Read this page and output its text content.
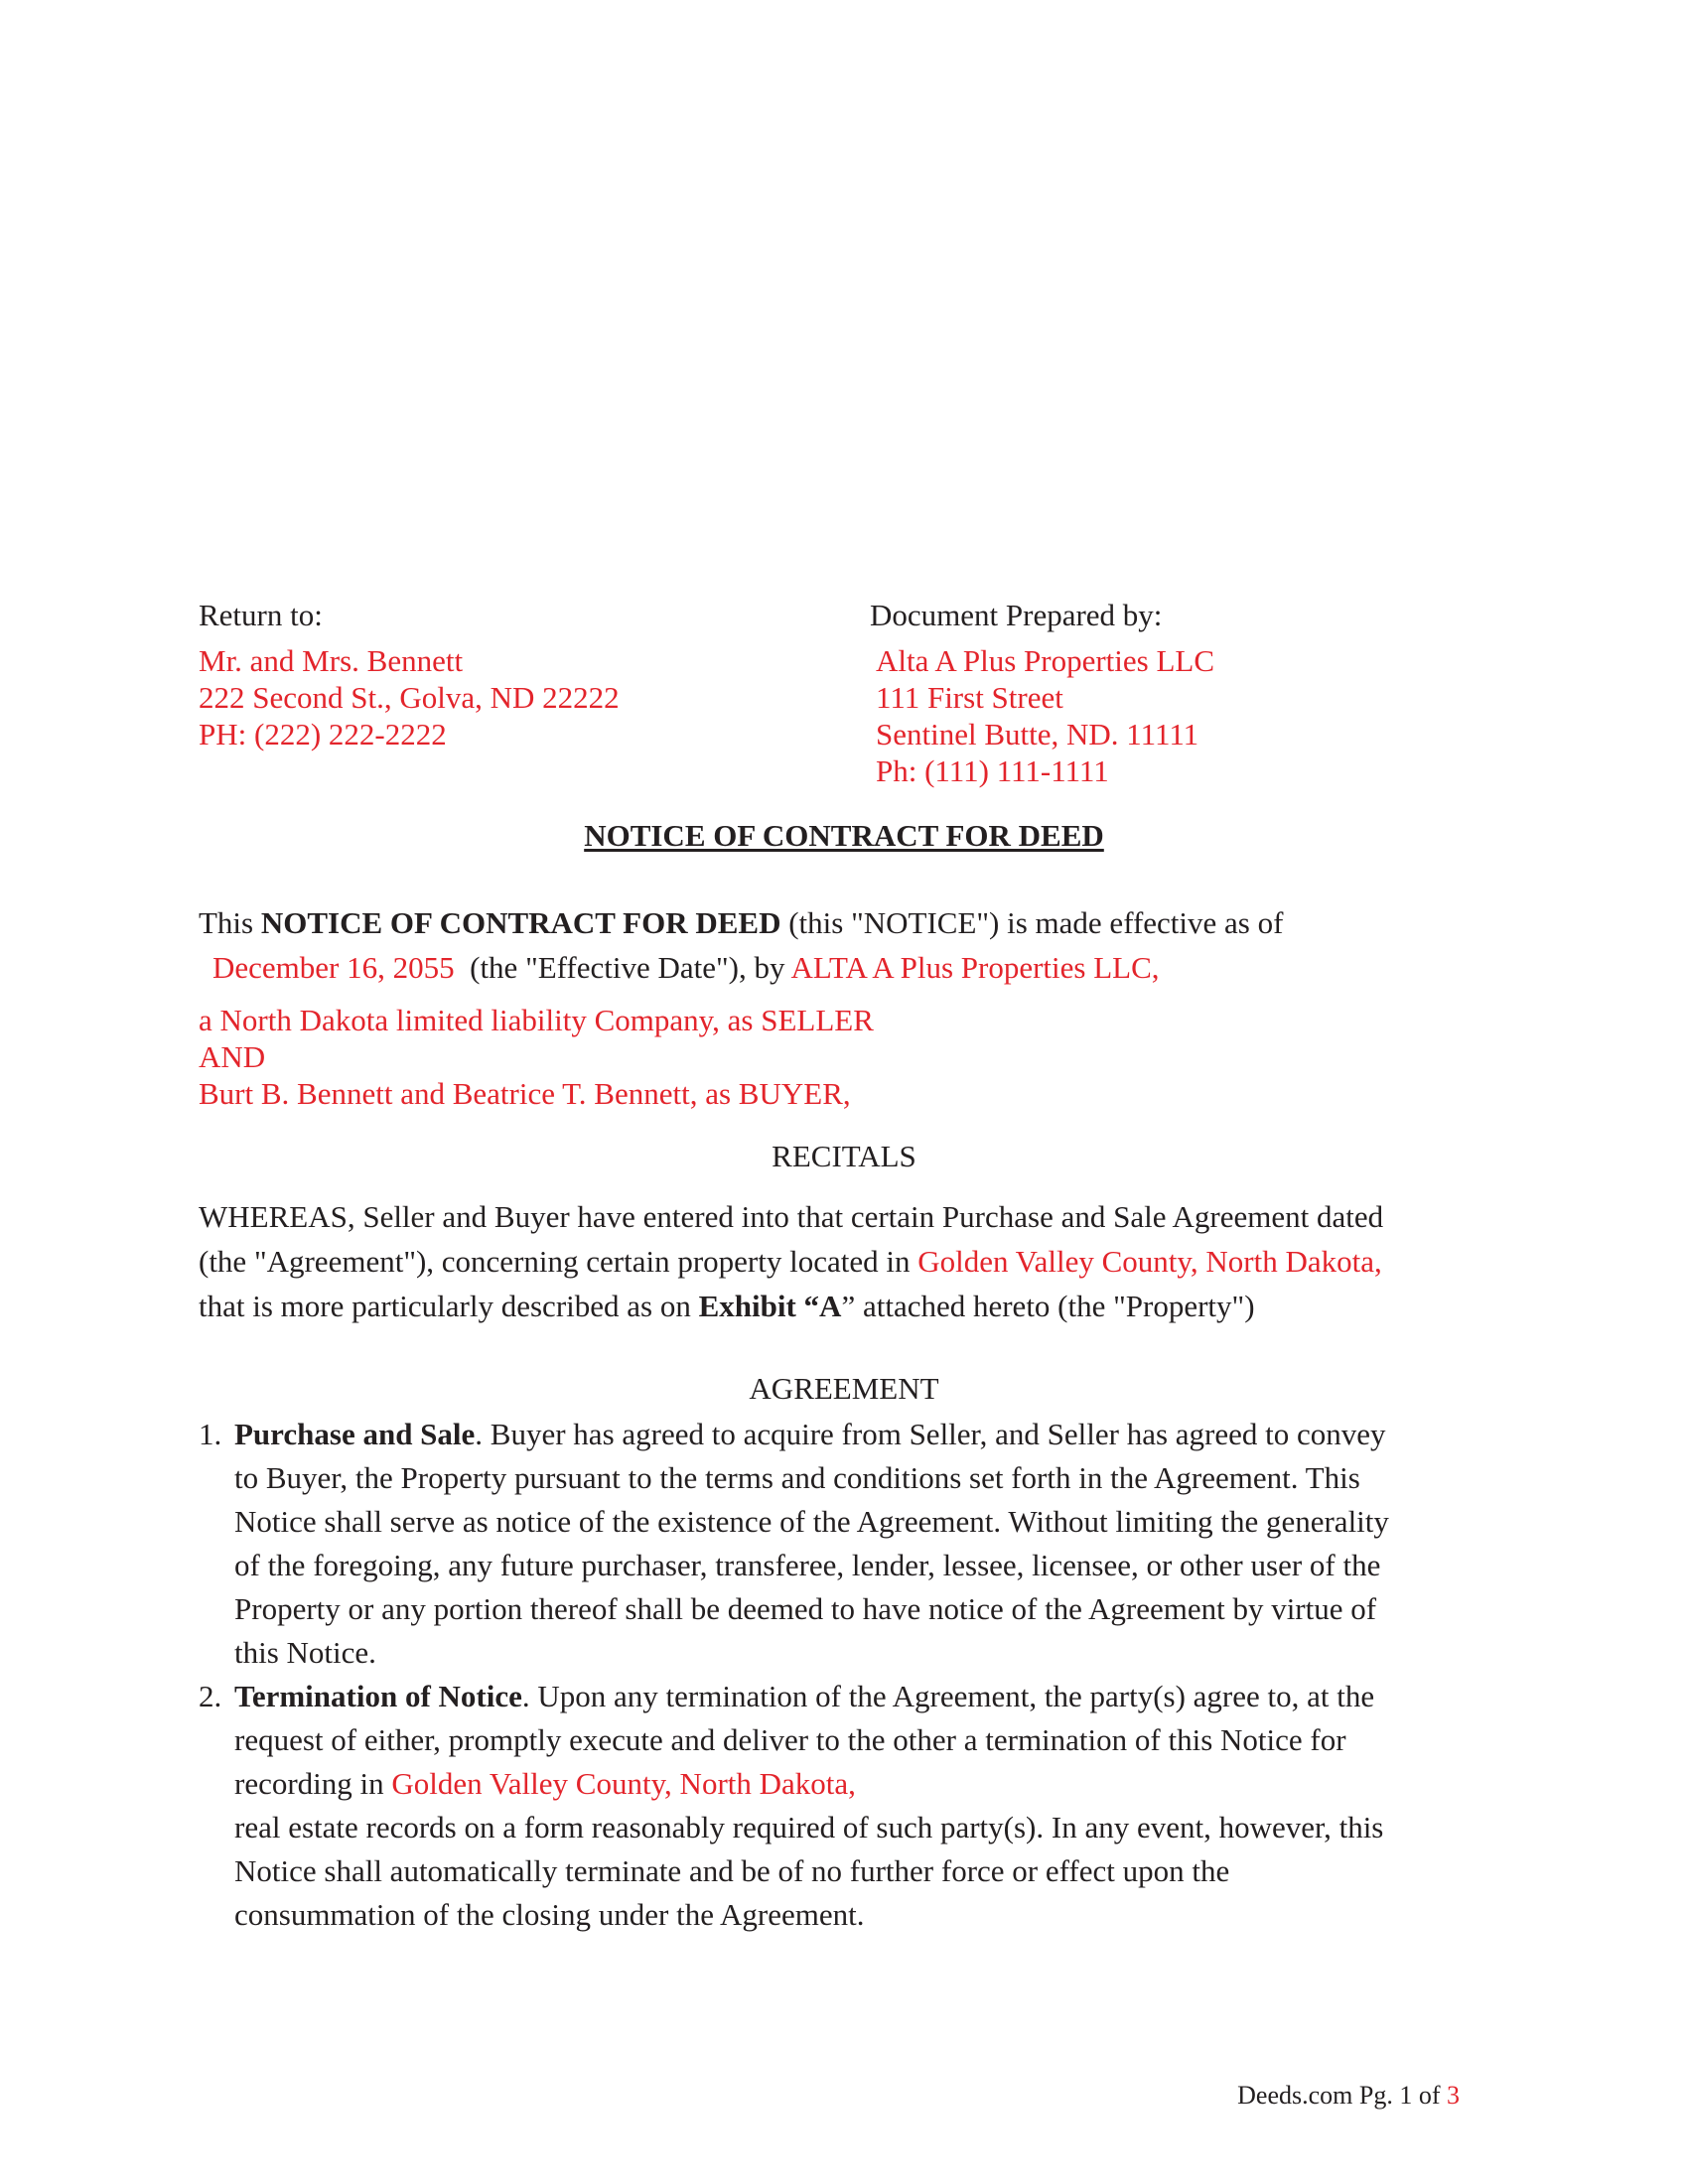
Return to:
Mr. and Mrs. Bennett
222 Second St., Golva, ND 22222
PH: (222) 222-2222
Document Prepared by:
Alta A Plus Properties LLC
111 First Street
Sentinel Butte, ND. 11111
Ph: (111) 111-1111
NOTICE OF CONTRACT FOR DEED
This NOTICE OF CONTRACT FOR DEED (this "NOTICE") is made effective as of
December 16, 2055 (the "Effective Date"), by ALTA A Plus Properties LLC,
a North Dakota limited liability Company, as SELLER
AND
Burt B. Bennett and Beatrice T. Bennett, as BUYER,
RECITALS
WHEREAS, Seller and Buyer have entered into that certain Purchase and Sale Agreement dated
(the "Agreement"), concerning certain property located in Golden Valley County, North Dakota,
that is more particularly described as on Exhibit “A” attached hereto (the "Property")
AGREEMENT
1. Purchase and Sale. Buyer has agreed to acquire from Seller, and Seller has agreed to convey
to Buyer, the Property pursuant to the terms and conditions set forth in the Agreement. This
Notice shall serve as notice of the existence of the Agreement. Without limiting the generality
of the foregoing, any future purchaser, transferee, lender, lessee, licensee, or other user of the
Property or any portion thereof shall be deemed to have notice of the Agreement by virtue of
this Notice.
2. Termination of Notice. Upon any termination of the Agreement, the party(s) agree to, at the
request of either, promptly execute and deliver to the other a termination of this Notice for
recording in Golden Valley County, North Dakota,
real estate records on a form reasonably required of such party(s). In any event, however, this
Notice shall automatically terminate and be of no further force or effect upon the
consummation of the closing under the Agreement.
Deeds.com Pg. 1 of 3
